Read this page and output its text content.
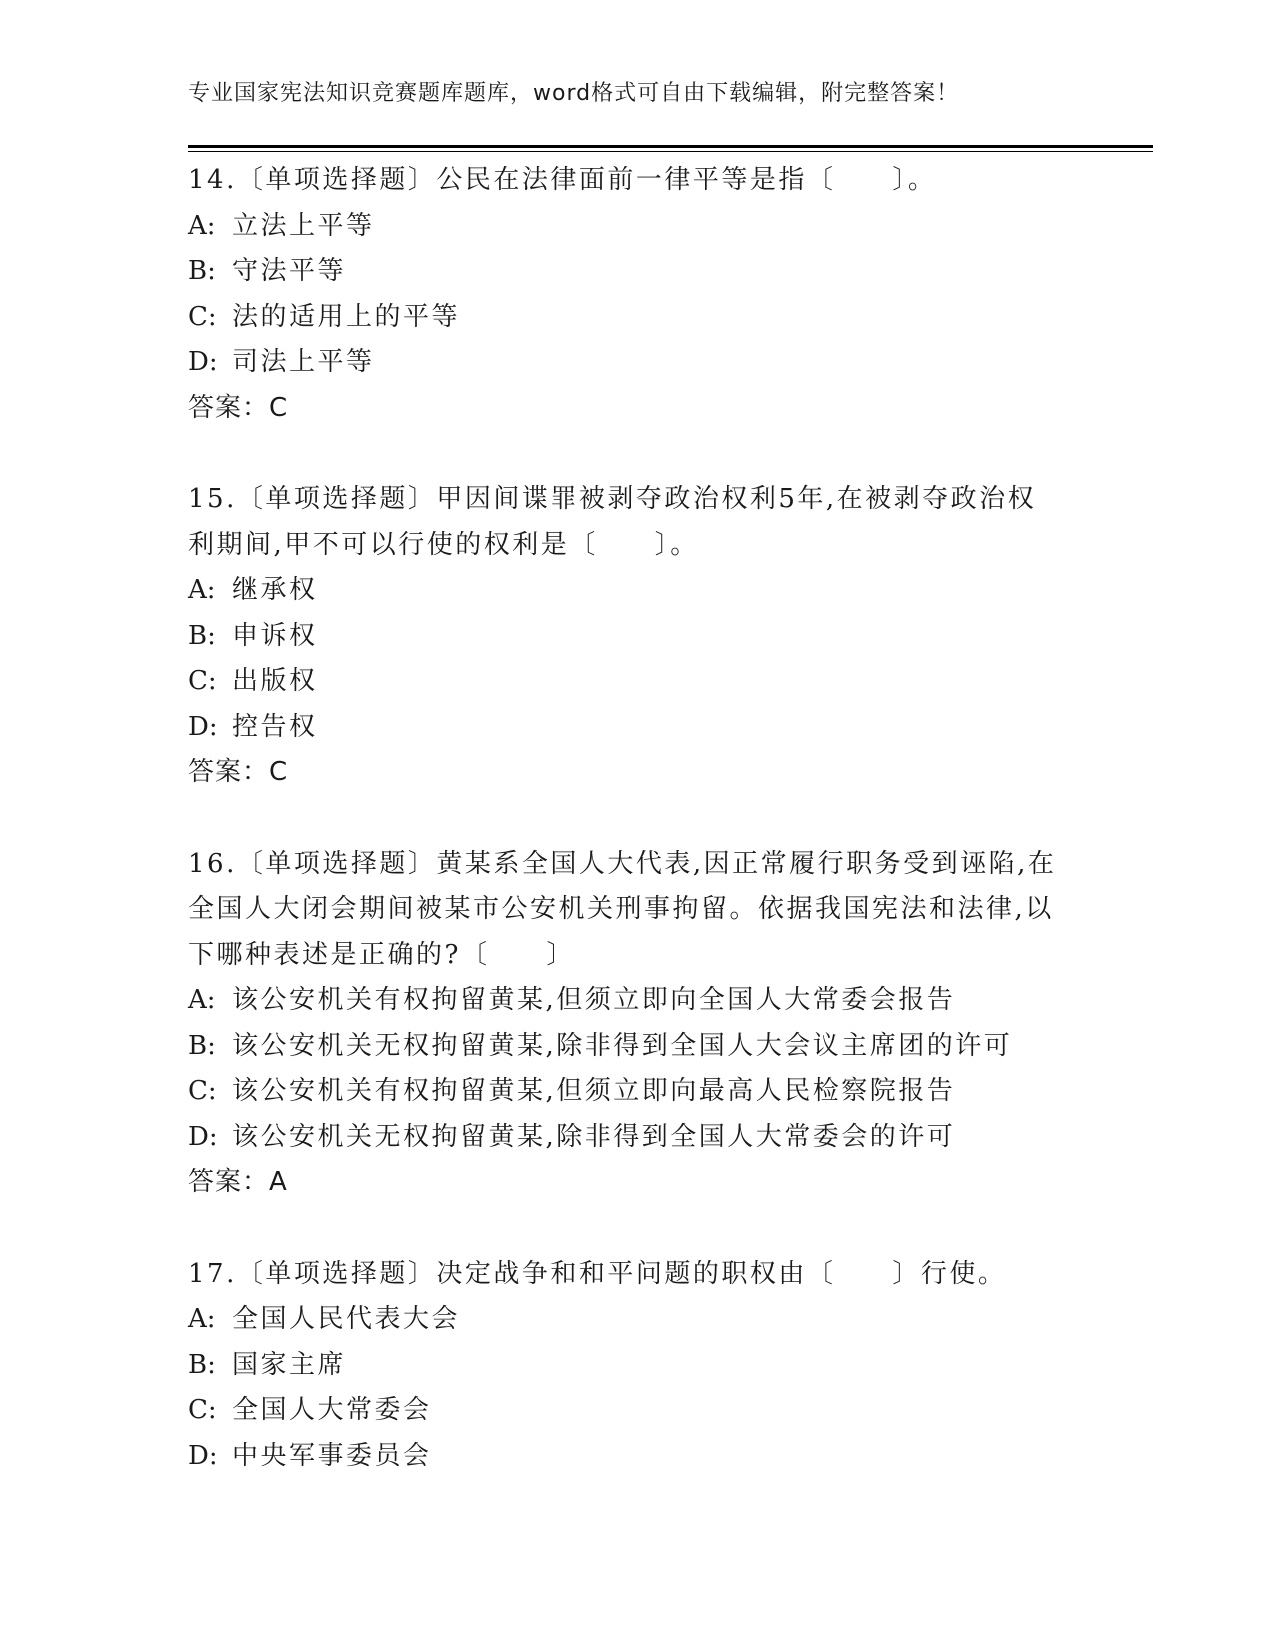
专业国家宪法知识竞赛题库题库，word格式可自由下载编辑，附完整答案！
14.〔单项选择题〕公民在法律面前一律平等是指〔　　〕。
A: 立法上平等
B: 守法平等
C: 法的适用上的平等
D: 司法上平等
答案：C
15.〔单项选择题〕甲因间谍罪被剥夺政治权利5年,在被剥夺政治权
利期间,甲不可以行使的权利是〔　　〕。
A: 继承权
B: 申诉权
C: 出版权
D: 控告权
答案：C
16.〔单项选择题〕黄某系全国人大代表,因正常履行职务受到诬陷,在
全国人大闭会期间被某市公安机关刑事拘留。依据我国宪法和法律,以
下哪种表述是正确的?〔　　〕
A: 该公安机关有权拘留黄某,但须立即向全国人大常委会报告
B: 该公安机关无权拘留黄某,除非得到全国人大会议主席团的许可
C: 该公安机关有权拘留黄某,但须立即向最高人民检察院报告
D: 该公安机关无权拘留黄某,除非得到全国人大常委会的许可
答案：A
17.〔单项选择题〕决定战争和和平问题的职权由〔　　〕行使。
A: 全国人民代表大会
B: 国家主席
C: 全国人大常委会
D: 中央军事委员会
